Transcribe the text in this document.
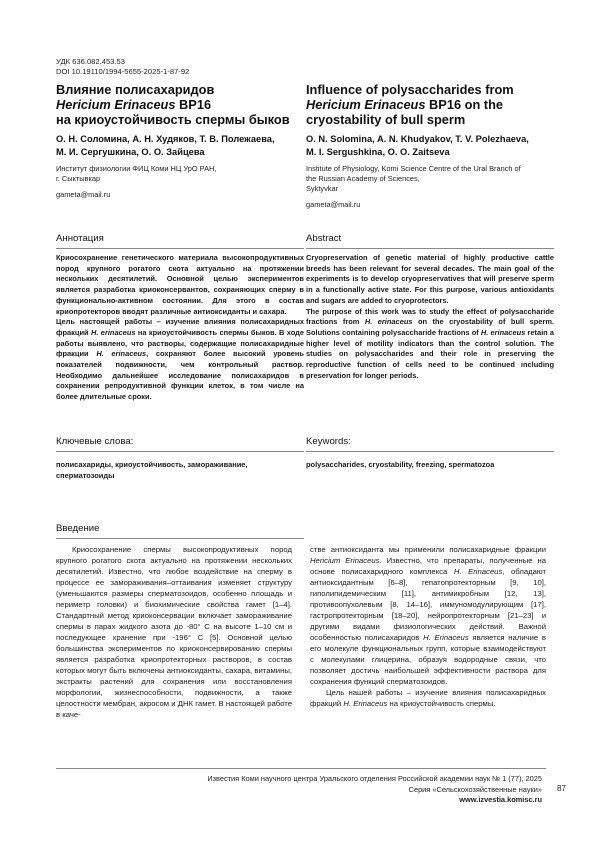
УДК 636.082.453.53
DOI 10.19110/1994-5655-2025-1-87-92
Влияние полисахаридов
Hericium Erinaceus BP16
на криоустойчивость спермы быков
О. Н. Соломина, А. Н. Худяков, Т. В. Полежаева,
М. И. Сергушкина, О. О. Зайцева
Институт физиологии ФИЦ Коми НЦ УрО РАН,
г. Сыктывкар
gameta@mail.ru
Influence of polysaccharides from
Hericium Erinaceus BP16 on the
cryostability of bull sperm
O. N. Solomina, A. N. Khudyakov, T. V. Polezhaeva,
M. I. Sergushkina, O. O. Zaitseva
Institute of Physiology, Komi Science Centre of the Ural Branch of
the Russian Academy of Sciences,
Syktyvkar
gameta@mail.ru
Аннотация

Криосохранение генетического материала высокопродуктивных пород крупного рогатого скота актуально на протяжении нескольких десятилетий. Основной целью экспериментов является разработка криоконсервантов, сохраняющих сперму в функционально-активном состоянии. Для этого в состав криопротекторов вводят различные антиоксиданты и сахара.

Цель настоящей работы – изучение влияния полисахаридных фракций H. erinaceus на криоустойчивость спермы быков. В ходе работы выявлено, что растворы, содержащие полисахаридные фракции H. erinaceus, сохраняют более высокий уровень показателей подвижности, чем контрольный раствор. Необходимо дальнейшее исследование полисахаридов в сохранении репродуктивной функции клеток, в том числе на более длительные сроки.

Abstract

Cryopreservation of genetic material of highly productive cattle breeds has been relevant for several decades. The main goal of the experiments is to develop cryopreservatives that will preserve sperm in a functionally active state. For this purpose, various antioxidants and sugars are added to cryoprotectors.

The purpose of this work was to study the effect of polysaccharide fractions from H. erinaceus on the cryostability of bull sperm. Solutions containing polysaccharide fractions of H. erinaceus retain a higher level of motility indicators than the control solution. The studies on polysaccharides and their role in preserving the reproductive function of cells need to be continued including preservation for longer periods.

Ключевые слова:
полисахариды, криоустойчивость, замораживание, сперматозоиды
Keywords:
polysaccharides, cryostability, freezing, spermatozoa
Введение

Криосохранение спермы высокопродуктивных пород крупного рогатого скота актуально на протяжении нескольких десятилетий. Известно, что любое воздействие на сперму в процессе ее замораживания–оттаивания изменяет структуру (уменьшаются размеры сперматозоидов, особенно площадь и периметр головки) и биохимические свойства гамет [1–4]. Стандартный метод криоконсервации включает замораживание спермы в парах жидкого азота до -80° С на высоте 1–10 см и последующее хранение при -196° С [5]. Основной целью большинства экспериментов по криоконсервированию спермы является разработка криопротекторных растворов, в состав которых могут быть включены антиоксиданты, сахара, витамины, экстракты растений для сохранения или восстановления морфологии, жизнеспособности, подвижности, а также целостности мембран, акросом и ДНК гамет. В настоящей работе в каче-

стве антиоксиданта мы применили полисахаридные фракции Hericium Erinaceus. Известно, что препараты, полученные на основе полисахаридного комплекса H. Erinaceus, обладают антиоксидантным [6–8], гепатопротекторным [9, 10], гиполипидемическим [11], антимикробным [12, 13], противоопухолевым [8, 14–16], иммуномодулирующим [17], гастропротекторным [18–20], нейропротекторным [21–23] и другими видами физиологических действий. Важной особенностью полисахаридов H. Erinaceus является наличие в его молекуле функциональных групп, которые взаимодействуют с молекулами глицерина, образуя водородные связи, что позволяет достичь наибольшей эффективности раствора для сохранения функций сперматозоидов.

Цель нашей работы – изучение влияния полисахаридных фракций H. Erinaceus на криоустойчивость спермы.

Известия Коми научного центра Уральского отделения Российской академии наук № 1 (77), 2025
Серия «Сельскохозяйственные науки»
www.izvestia.komisc.ru
87
